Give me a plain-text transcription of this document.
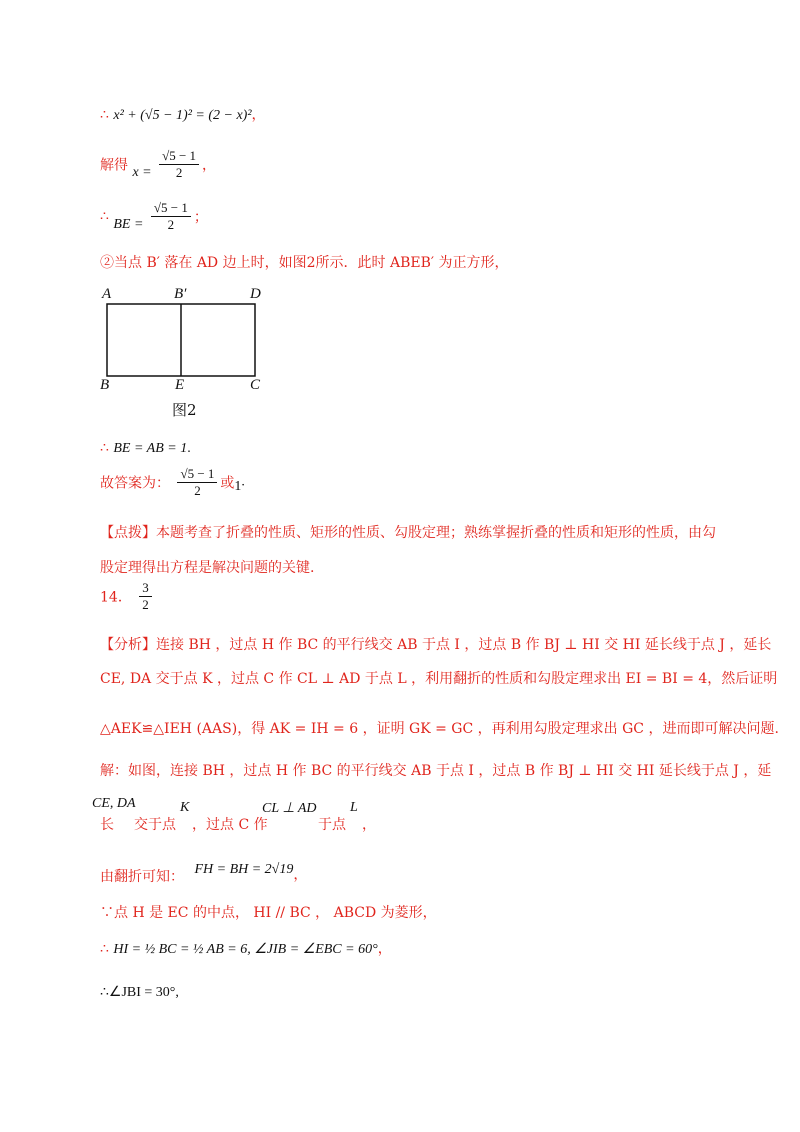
∴ x² + (√5 − 1)² = (2 − x)²，
解得 $x = \frac{√5 - 1}{2}$ ，
∴ BE = $\frac{√5 - 1}{2}$ ；
②当点 B′ 落在 AD 边上时，如图2所示．此时 ABEB′ 为正方形，
A	B′	D
B	E	C
图2
∴ BE = AB = 1.
故答案为： $\frac{√5 - 1}{2}$ 或1.
【点拨】本题考查了折叠的性质、矩形的性质、勾股定理；熟练掌握折叠的性质和矩形的性质，由勾
股定理得出方程是解决问题的关键.
14． $\frac{3}{2}$
【分析】连接 BH ，过点 H 作 BC 的平行线交 AB 于点 I ，过点 B 作 BJ ⊥ HI 交 HI 延长线于点 J ，延长
CE, DA 交于点 K ，过点 C 作 CL ⊥ AD 于点 L ，利用翻折的性质和勾股定理求出 EI = BI = 4，然后证明
△AEK≌△IEH (AAS)，得 AK = IH = 6 ，证明 GK = GC ，再利用勾股定理求出 GC ，进而即可解决问题.
解：如图，连接 BH ，过点 H 作 BC 的平行线交 AB 于点 I ，过点 B 作 BJ ⊥ HI 交 HI 延长线于点 J ，延
长
CE, DA
交于点
K
，过点 C 作
CL ⊥ AD
于点
L
，
由翻折可知： FH = BH = 2√19，
∵点 H 是 EC 的中点， HI // BC ， ABCD 为菱形，
∴ HI = ½ BC = ½ AB = 6, ∠JIB = ∠EBC = 60°，
∴∠JBI = 30°,
